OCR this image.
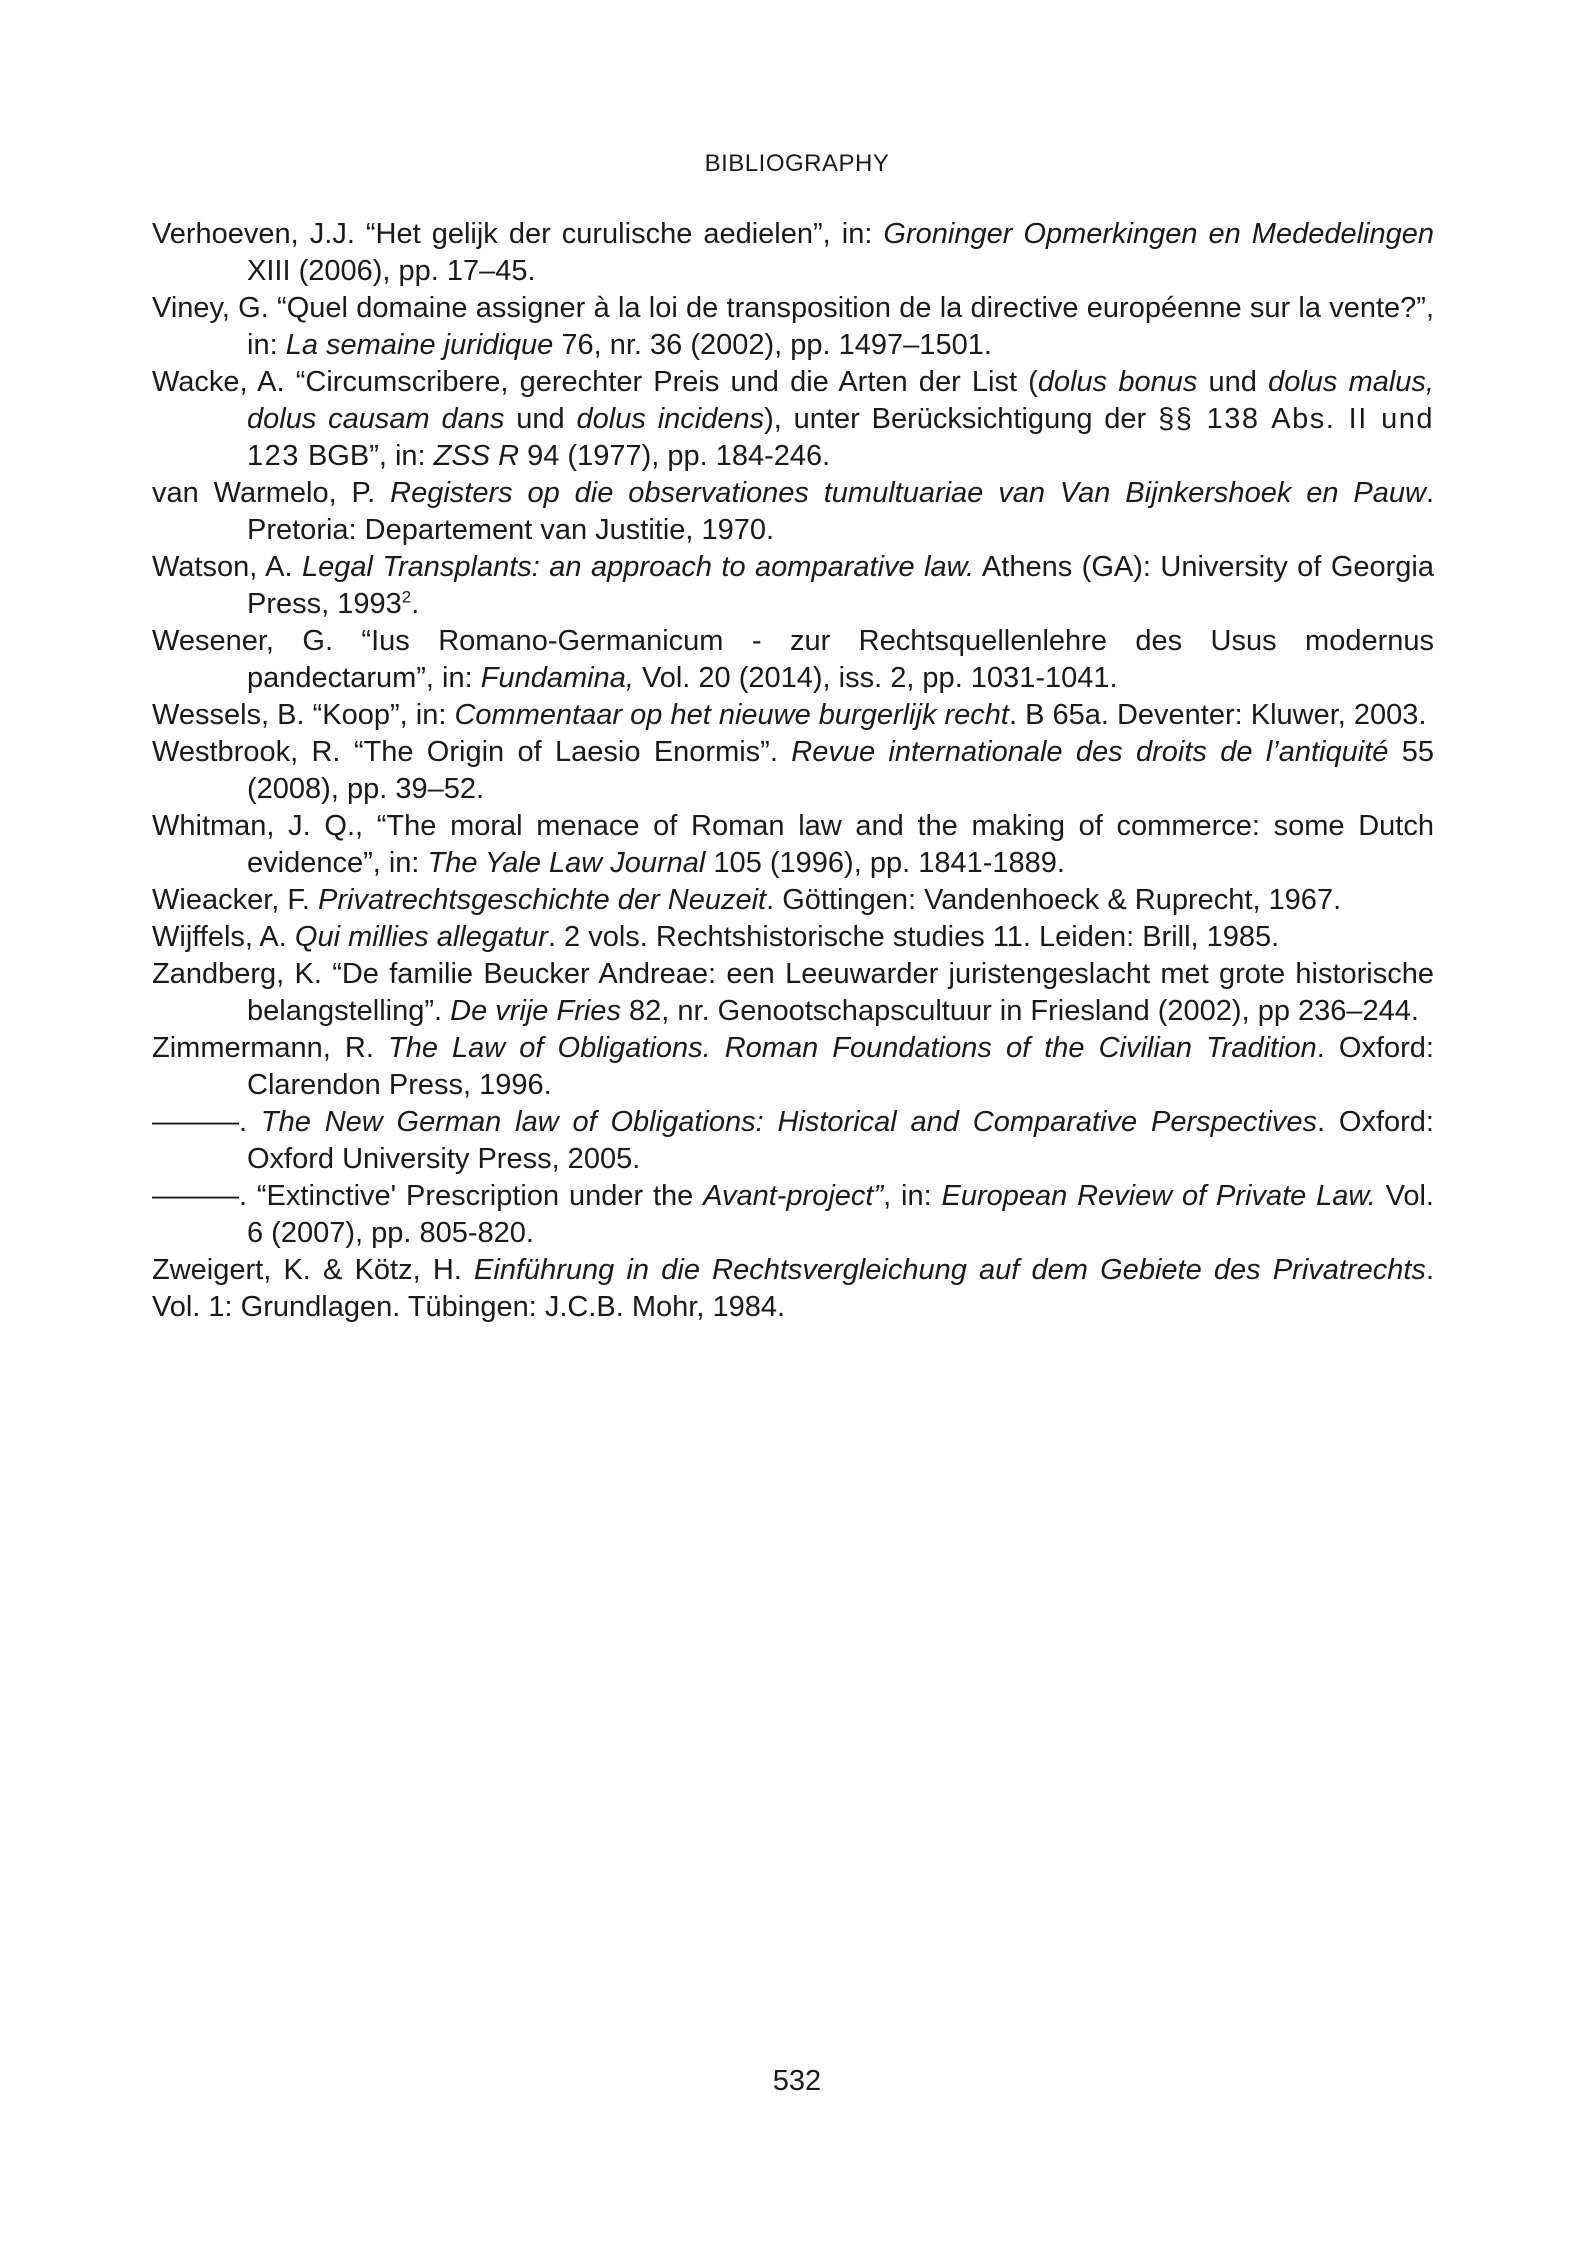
BIBLIOGRAPHY
Verhoeven, J.J. “Het gelijk der curulische aedielen”, in: Groninger Opmerkingen en Mededelingen XIII (2006), pp. 17–45.
Viney, G. “Quel domaine assigner à la loi de transposition de la directive européenne sur la vente?”, in: La semaine juridique 76, nr. 36 (2002), pp. 1497–1501.
Wacke, A. “Circumscribere, gerechter Preis und die Arten der List (dolus bonus und dolus malus, dolus causam dans und dolus incidens), unter Berücksichtigung der §§ 138 Abs. II und 123 BGB”, in: ZSS R 94 (1977), pp. 184-246.
van Warmelo, P. Registers op die observationes tumultuariae van Van Bijnkershoek en Pauw. Pretoria: Departement van Justitie, 1970.
Watson, A. Legal Transplants: an approach to aomparative law. Athens (GA): University of Georgia Press, 1993$^2$.
Wesener, G. “Ius Romano-Germanicum - zur Rechtsquellenlehre des Usus modernus pandectarum”, in: Fundamina, Vol. 20 (2014), iss. 2, pp. 1031-1041.
Wessels, B. “Koop”, in: Commentaar op het nieuwe burgerlijk recht. B 65a. Deventer: Kluwer, 2003.
Westbrook, R. “The Origin of Laesio Enormis”. Revue internationale des droits de l’antiquité 55 (2008), pp. 39–52.
Whitman, J. Q., “The moral menace of Roman law and the making of commerce: some Dutch evidence”, in: The Yale Law Journal 105 (1996), pp. 1841-1889.
Wieacker, F. Privatrechtsgeschichte der Neuzeit. Göttingen: Vandenhoeck & Ruprecht, 1967.
Wijffels, A. Qui millies allegatur. 2 vols. Rechtshistorische studies 11. Leiden: Brill, 1985.
Zandberg, K. “De familie Beucker Andreae: een Leeuwarder juristengeslacht met grote historische belangstelling”. De vrije Fries 82, nr. Genootschapscultuur in Friesland (2002), pp 236–244.
Zimmermann, R. The Law of Obligations. Roman Foundations of the Civilian Tradition. Oxford: Clarendon Press, 1996.
———. The New German law of Obligations: Historical and Comparative Perspectives. Oxford: Oxford University Press, 2005.
———. “Extinctive' Prescription under the Avant-project”, in: European Review of Private Law. Vol. 6 (2007), pp. 805-820.
Zweigert, K. & Kötz, H. Einführung in die Rechtsvergleichung auf dem Gebiete des Privatrechts. Vol. 1: Grundlagen. Tübingen: J.C.B. Mohr, 1984.
532
